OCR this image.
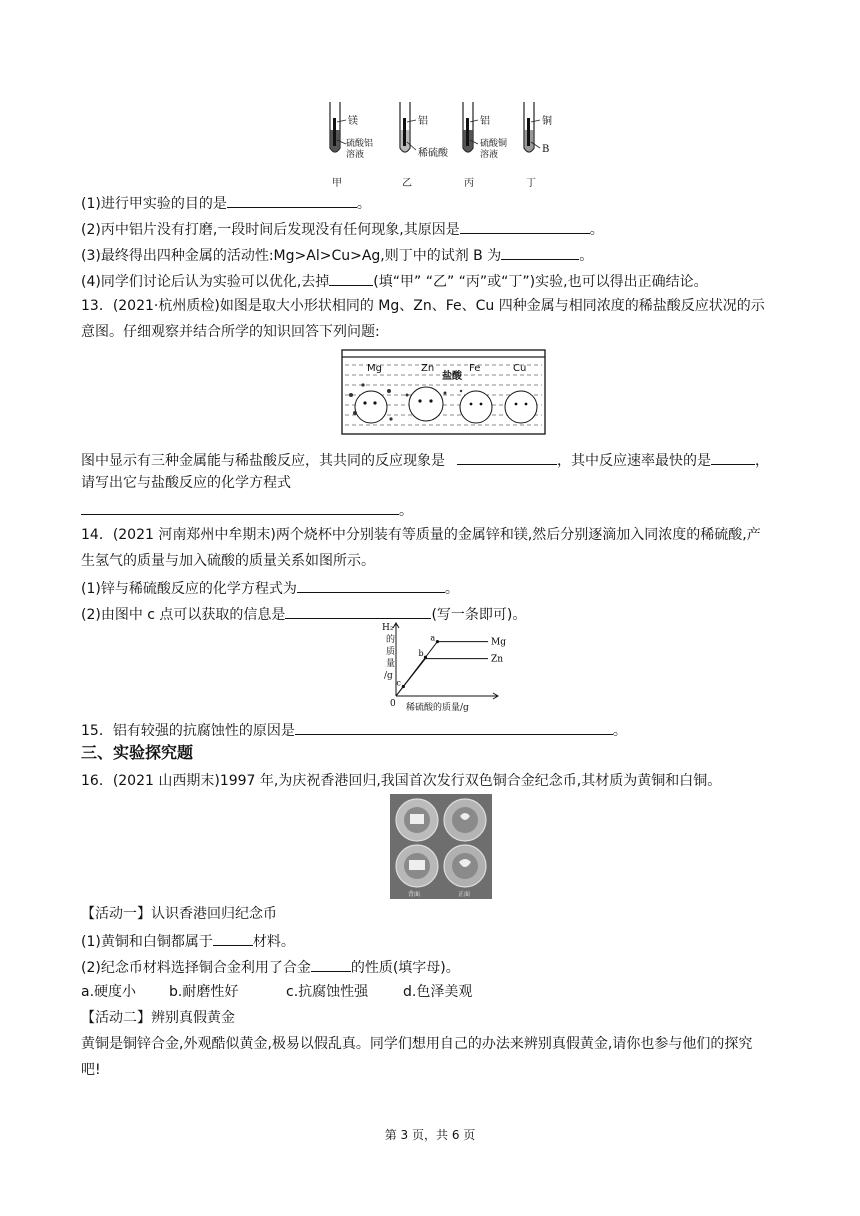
镁	铝	铝	铜
硫酸铝
溶液	稀硫酸
硫酸铜
溶液	B
甲	乙	丙	丁
(1)进行甲实验的目的是	。
(2)丙中铝片没有打磨,一段时间后发现没有任何现象,其原因是	。
(3)最终得出四种金属的活动性:Mg>Al>Cu>Ag,则丁中的试剂 B 为	。
(4)同学们讨论后认为实验可以优化,去掉	(填“甲” “乙” “丙”或“丁”)实验,也可以得出正确结论。
13．(2021·杭州质检)如图是取大小形状相同的 Mg、Zn、Fe、Cu 四种金属与相同浓度的稀盐酸反应状况的示
意图。仔细观察并结合所学的知识回答下列问题:
Mg	Zn	Fe	Cu
盐酸
图中显示有三种金属能与稀盐酸反应，其共同的反应现象是	，其中反应速率最快的是	，
请写出它与盐酸反应的化学方程式
。
14．(2021 河南郑州中牟期末)两个烧杯中分别装有等质量的金属锌和镁,然后分别逐滴加入同浓度的稀硫酸,产
生氢气的质量与加入硫酸的质量关系如图所示。
(1)锌与稀硫酸反应的化学方程式为	。
(2)由图中 c 点可以获取的信息是	(写一条即可)。
Mg
Zn
a
b
c
H₂
的
质
量
/g
0 稀硫酸的质量/g
15．铝有较强的抗腐蚀性的原因是	。
三、实验探究题
16．(2021 山西期末)1997 年,为庆祝香港回归,我国首次发行双色铜合金纪念币,其材质为黄铜和白铜。
背面	正面
【活动一】认识香港回归纪念币
(1)黄铜和白铜都属于	材料。
(2)纪念币材料选择铜合金利用了合金	的性质(填字母)。
a.硬度小 b.耐磨性好	c.抗腐蚀性强 d.色泽美观
【活动二】辨别真假黄金
黄铜是铜锌合金,外观酷似黄金,极易以假乱真。同学们想用自己的办法来辨别真假黄金,请你也参与他们的探究
吧!
第 3 页，共 6 页
